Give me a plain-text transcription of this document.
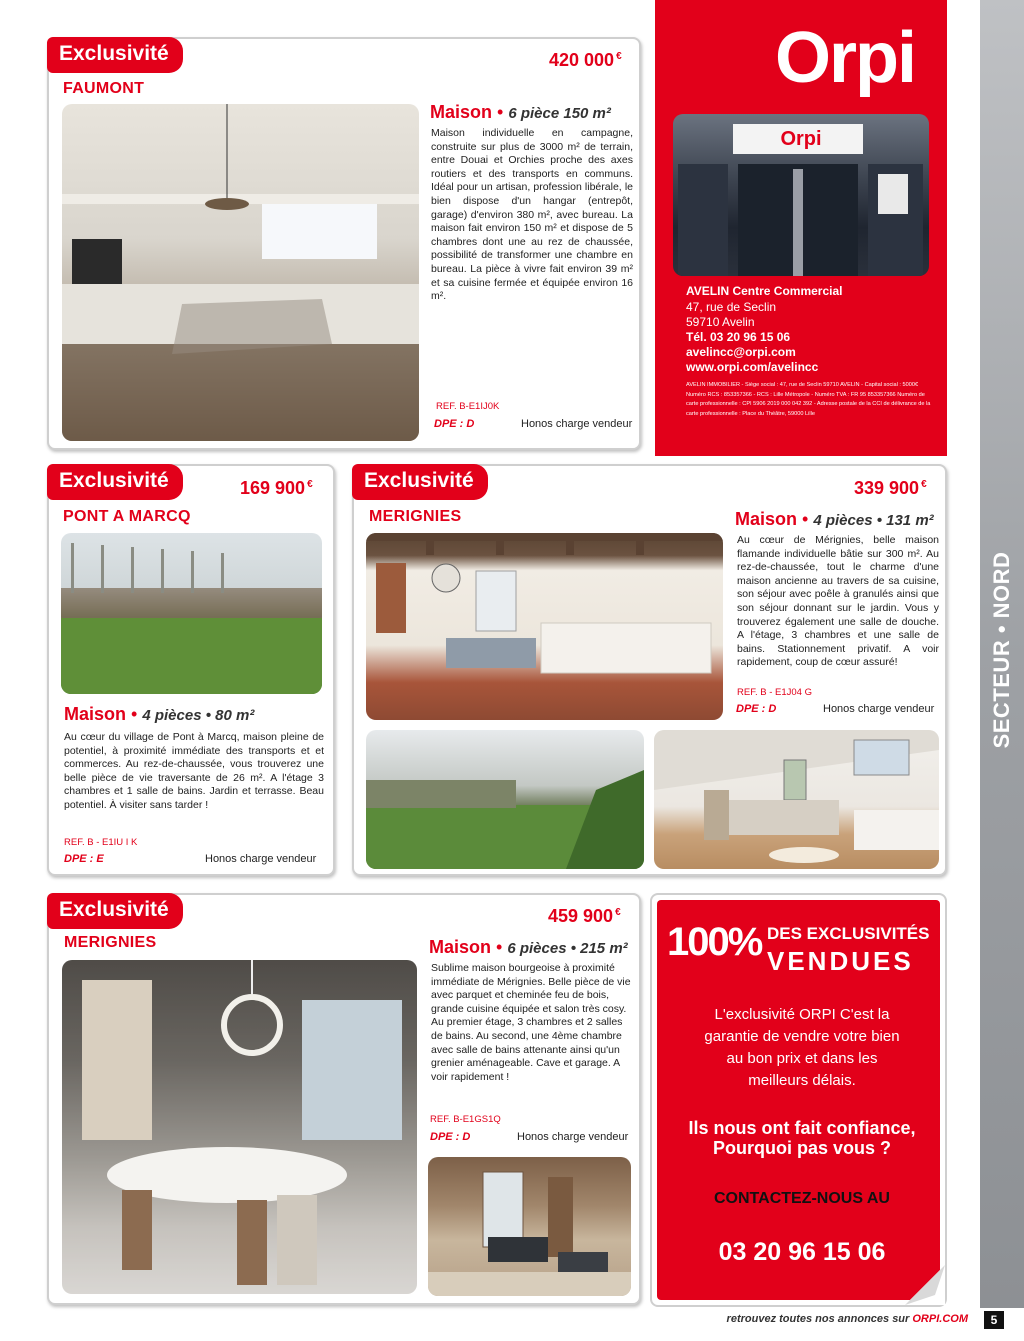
Exclusivité	420 000 €
FAUMONT
Maison • 6 pièce 150 m²
Maison individuelle en campagne, construite sur plus de 3000 m² de terrain, entre Douai et Orchies proche des axes routiers et des transports en communs. Idéal pour un artisan, profession libérale, le bien dispose d'un hangar (entrepôt, garage) d'environ 380 m², avec bureau. La maison fait environ 150 m² et dispose de 5 chambres dont une au rez de chaussée, possibilité de transformer une chambre en bureau. La pièce à vivre fait environ 39 m² et sa cuisine fermée et équipée environ 16 m².
REF. B-E1IJ0K
DPE : D	Honos charge vendeur
Orpi
Orpi
AVELIN Centre Commercial
47, rue de Seclin
59710 Avelin
Tél. 03 20 96 15 06
avelincc@orpi.com
www.orpi.com/avelincc
AVELIN IMMOBILIER - Siège social : 47, rue de Seclin 59710 AVELIN - Capital social : 5000€ Numéro RCS : 853357366 - RCS : Lille Métropole - Numéro TVA : FR 95 853357366 Numéro de carte professionnelle : CPI 5906 2019 000 042 392 - Adresse postale de la CCI de délivrance de la carte professionnelle : Place du Théâtre, 59000 Lille
Exclusivité	169 900 €
PONT A MARCQ
Maison • 4 pièces • 80 m²
Au cœur du village de Pont à Marcq, maison pleine de potentiel, à proximité immédiate des transports et et commerces. Au rez-de-chaussée, vous trouverez une belle pièce de vie traversante de 26 m². A l'étage 3 chambres et 1 salle de bains. Jardin et terrasse. Beau potentiel. À visiter sans tarder !
REF. B - E1IU I K
DPE : E	Honos charge vendeur
Exclusivité	339 900 €
MERIGNIES	Maison • 4 pièces • 131 m²
Au cœur de Mérignies, belle maison flamande individuelle bâtie sur 300 m². Au rez-de-chaussée, tout le charme d'une maison ancienne au travers de sa cuisine, son séjour avec poêle à granulés ainsi que son séjour donnant sur le jardin. Vous y trouverez également une salle de douche. A l'étage, 3 chambres et une salle de bains. Stationnement privatif. A voir rapidement, coup de cœur assuré!
REF. B - E1J04 G
DPE : D	Honos charge vendeur
Exclusivité	459 900 €
MERIGNIES	Maison • 6 pièces • 215 m²
Sublime maison bourgeoise à proximité immédiate de Mérignies. Belle pièce de vie avec parquet et cheminée feu de bois, grande cuisine équipée et salon très cosy. Au premier étage, 3 chambres et 2 salles de bains. Au second, une 4ème chambre avec salle de bains attenante ainsi qu'un grenier aménageable. Cave et garage. A voir rapidement !
REF. B-E1GS1Q
DPE : D	Honos charge vendeur
100% DES EXCLUSIVITÉS
VENDUES
L'exclusivité ORPI C'est la garantie de vendre votre bien au bon prix et dans les meilleurs délais.
Ils nous ont fait confiance, Pourquoi pas vous ?
CONTACTEZ-NOUS AU
03 20 96 15 06
SECTEUR • NORD
retrouvez toutes nos annonces sur ORPI.COM	5
